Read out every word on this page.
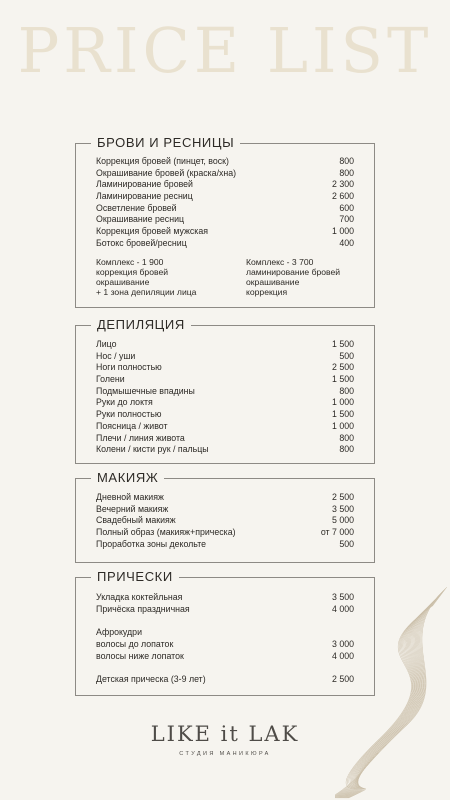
PRICE LIST
БРОВИ И РЕСНИЦЫ
Коррекция бровей (пинцет, воск)	800
Окрашивание бровей (краска/хна)	800
Ламинирование бровей	2 300
Ламинирование ресниц	2 600
Осветление бровей	600
Окрашивание ресниц	700
Коррекция бровей мужская	1 000
Ботокс бровей/ресниц	400
Комплекс - 1 900
коррекция бровей
окрашивание
+ 1 зона депиляции лица
Комплекс - 3 700
ламинирование бровей
окрашивание
коррекция
ДЕПИЛЯЦИЯ
Лицо	1 500
Нос / уши	500
Ноги полностью	2 500
Голени	1 500
Подмышечные впадины	800
Руки до локтя	1 000
Руки полностью	1 500
Поясница / живот	1 000
Плечи / линия живота	800
Колени / кисти рук / пальцы	800
МАКИЯЖ
Дневной макияж	2 500
Вечерний макияж	3 500
Свадебный макияж	5 000
Полный образ (макияж+прическа)	от 7 000
Проработка зоны декольте	500
ПРИЧЕСКИ
Укладка коктейльная	3 500
Причёска праздничная	4 000
Афрокудри
волосы до лопаток	3 000
волосы ниже лопаток	4 000
Детская прическа (3-9 лет)	2 500
LIKE it LAK
СТУДИЯ МАНИКЮРА
